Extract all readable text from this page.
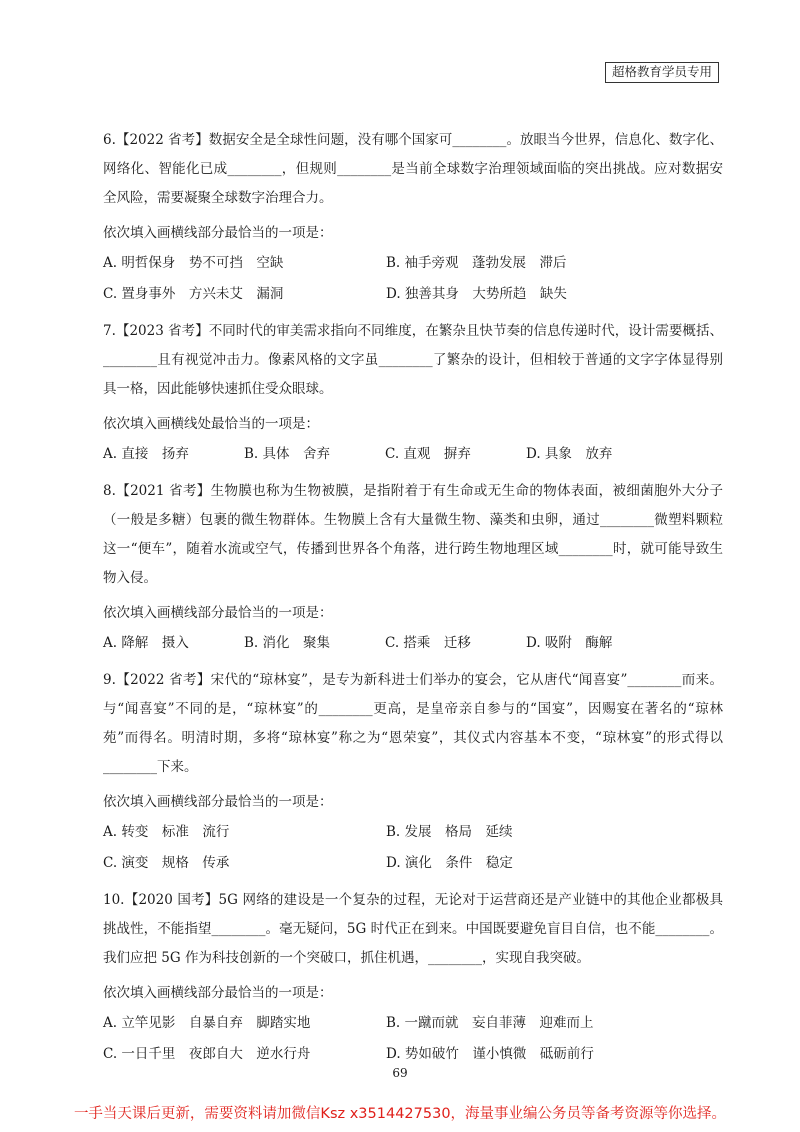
超格教育学员专用
6.【2022 省考】数据安全是全球性问题，没有哪个国家可________。放眼当今世界，信息化、数字化、网络化、智能化已成________，但规则________是当前全球数字治理领域面临的突出挑战。应对数据安全风险，需要凝聚全球数字治理合力。
依次填入画横线部分最恰当的一项是：
A. 明哲保身　势不可挡　空缺	B. 袖手旁观　蓬勃发展　滞后
C. 置身事外　方兴未艾　漏洞	D. 独善其身　大势所趋　缺失
7.【2023 省考】不同时代的审美需求指向不同维度，在繁杂且快节奏的信息传递时代，设计需要概括、________且有视觉冲击力。像素风格的文字虽________了繁杂的设计，但相较于普通的文字字体显得别具一格，因此能够快速抓住受众眼球。
依次填入画横线处最恰当的一项是：
A. 直接　扬弃	B. 具体　舍弃	C. 直观　摒弃	D. 具象　放弃
8.【2021 省考】生物膜也称为生物被膜，是指附着于有生命或无生命的物体表面，被细菌胞外大分子（一般是多糖）包裹的微生物群体。生物膜上含有大量微生物、藻类和虫卵，通过________微塑料颗粒这一“便车”，随着水流或空气，传播到世界各个角落，进行跨生物地理区域________时，就可能导致生物入侵。
依次填入画横线部分最恰当的一项是：
A. 降解　摄入	B. 消化　聚集	C. 搭乘　迁移	D. 吸附　酶解
9.【2022 省考】宋代的“琼林宴”，是专为新科进士们举办的宴会，它从唐代“闻喜宴”________而来。与“闻喜宴”不同的是，“琼林宴”的________更高，是皇帝亲自参与的“国宴”，因赐宴在著名的“琼林苑”而得名。明清时期，多将“琼林宴”称之为“恩荣宴”，其仪式内容基本不变，“琼林宴”的形式得以________下来。
依次填入画横线部分最恰当的一项是：
A. 转变　标准　流行	B. 发展　格局　延续
C. 演变　规格　传承	D. 演化　条件　稳定
10.【2020 国考】5G 网络的建设是一个复杂的过程，无论对于运营商还是产业链中的其他企业都极具挑战性，不能指望________。毫无疑问，5G 时代正在到来。中国既要避免盲目自信，也不能________。我们应把 5G 作为科技创新的一个突破口，抓住机遇，________，实现自我突破。
依次填入画横线部分最恰当的一项是：
A. 立竿见影　自暴自弃　脚踏实地	B. 一蹴而就　妄自菲薄　迎难而上
C. 一日千里　夜郎自大　逆水行舟	D. 势如破竹　谨小慎微　砥砺前行
69
一手当天课后更新，需要资料请加微信Ksz x3514427530，海量事业编公务员等备考资源等你选择。
